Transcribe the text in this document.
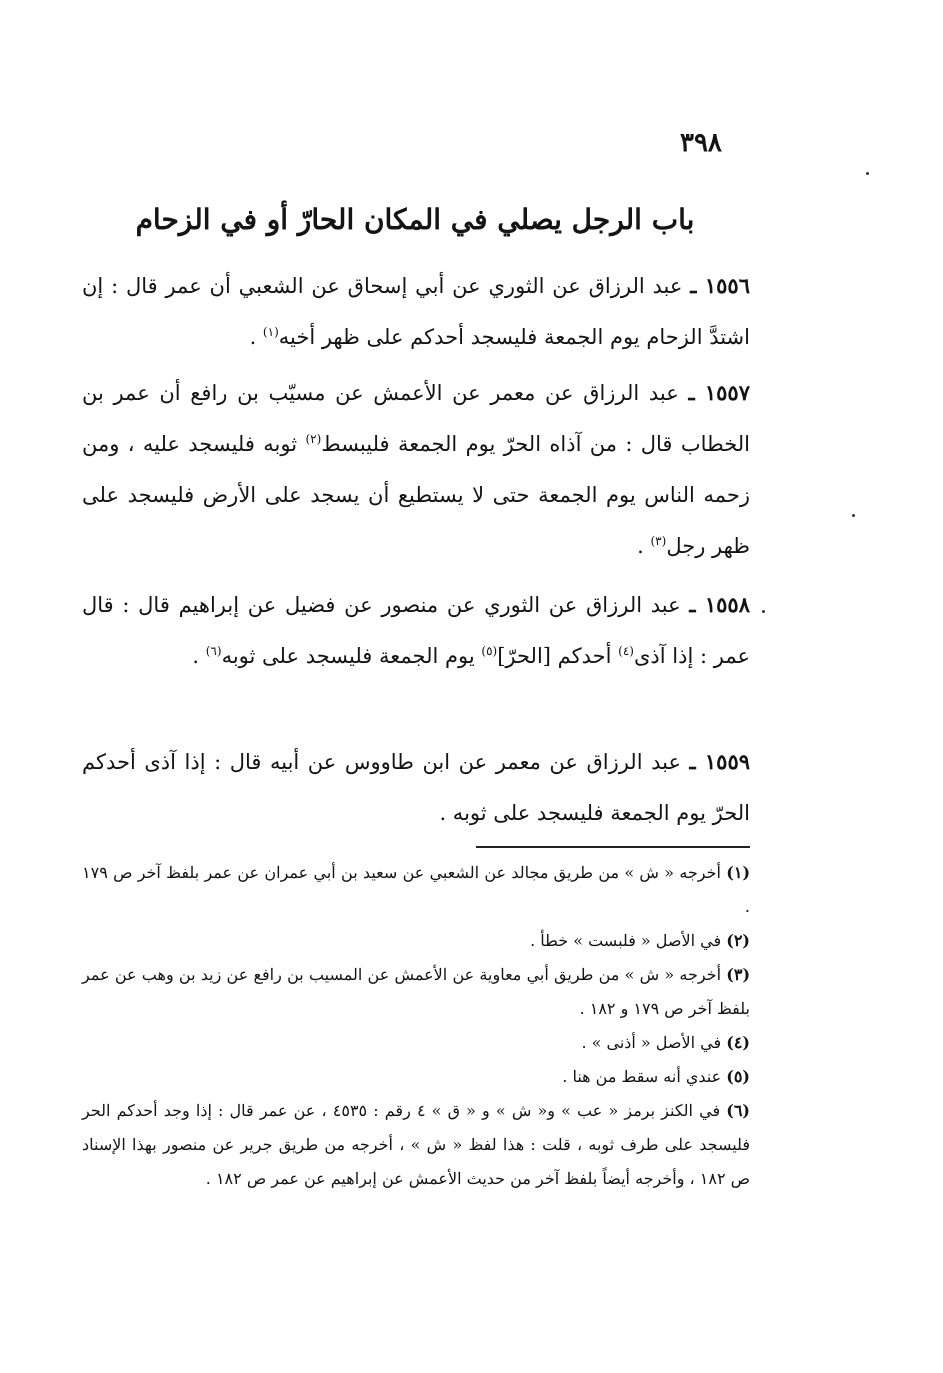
٣٩٨
باب الرجل يصلي في المكان الحارّ أو في الزحام

١٥٥٦ ـ عبد الرزاق عن الثوري عن أبي إسحاق عن الشعبي أن عمر قال : إن اشتدَّ الزحام يوم الجمعة فليسجد أحدكم على ظهر أخيه$^{(١)}$ .

١٥٥٧ ـ عبد الرزاق عن معمر عن الأعمش عن مسيّب بن رافع أن عمر بن الخطاب قال : من آذاه الحرّ يوم الجمعة فليبسط$^{(٢)}$ ثوبه فليسجد عليه ، ومن زحمه الناس يوم الجمعة حتى لا يستطيع أن يسجد على الأرض فليسجد على ظهر رجل$^{(٣)}$ .

١٥٥٨ ـ عبد الرزاق عن الثوري عن منصور عن فضيل عن إبراهيم قال : قال عمر : إذا آذى$^{(٤)}$ أحدكم [الحرّ]$^{(٥)}$ يوم الجمعة فليسجد على ثوبه$^{(٦)}$ .

١٥٥٩ ـ عبد الرزاق عن معمر عن ابن طاووس عن أبيه قال : إذا آذى أحدكم الحرّ يوم الجمعة فليسجد على ثوبه .

(١) أخرجه « ش » من طريق مجالد عن الشعبي عن سعيد بن أبي عمران عن عمر بلفظ آخر ص ١٧٩ .
(٢) في الأصل « فلبست » خطأ .
(٣) أخرجه « ش » من طريق أبي معاوية عن الأعمش عن المسيب بن رافع عن زيد بن وهب عن عمر بلفظ آخر ص ١٧٩ و ١٨٢ .
(٤) في الأصل « أذنى » .
(٥) عندي أنه سقط من هنا .
(٦) في الكنز برمز « عب » و« ش » و « ق » ٤ رقم : ٤٥٣٥ ، عن عمر قال : إذا وجد أحدكم الحر فليسجد على طرف ثوبه ، قلت : هذا لفظ « ش » ، أخرجه من طريق جرير عن منصور بهذا الإسناد ص ١٨٢ ، وأخرجه أيضاً بلفظ آخر من حديث الأعمش عن إبراهيم عن عمر ص ١٨٢ .
